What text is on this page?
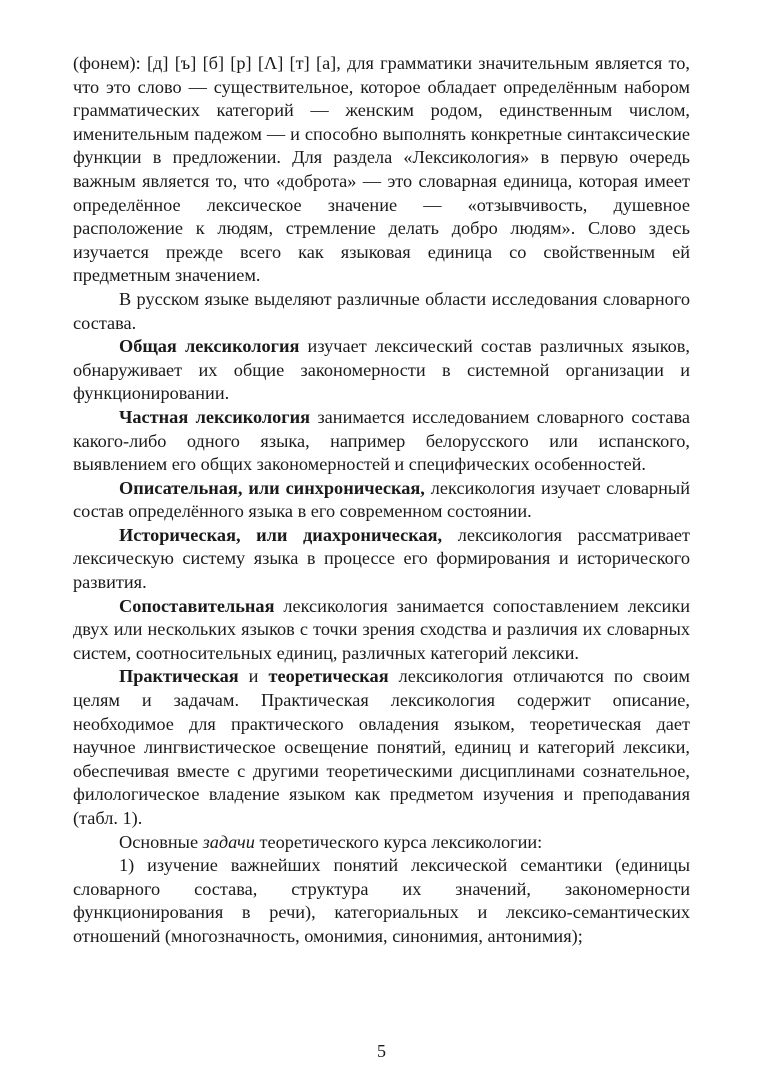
(фонем): [д] [ъ] [б] [р] [Λ] [т] [а], для грамматики значительным является то, что это слово — существительное, которое обладает определённым набором грамматических категорий — женским родом, единственным числом, именительным падежом — и способно выполнять конкретные синтаксические функции в предложении. Для раздела «Лексикология» в первую очередь важным является то, что «доброта» — это словарная единица, которая имеет определённое лексическое значение — «отзывчивость, душевное расположение к людям, стремление делать добро людям». Слово здесь изучается прежде всего как языковая единица со свойственным ей предметным значением.

В русском языке выделяют различные области исследования словарного состава.

Общая лексикология изучает лексический состав различных языков, обнаруживает их общие закономерности в системной организации и функционировании.

Частная лексикология занимается исследованием словарного состава какого-либо одного языка, например белорусского или испанского, выявлением его общих закономерностей и специфических особенностей.

Описательная, или синхроническая, лексикология изучает словарный состав определённого языка в его современном состоянии.

Историческая, или диахроническая, лексикология рассматривает лексическую систему языка в процессе его формирования и исторического развития.

Сопоставительная лексикология занимается сопоставлением лексики двух или нескольких языков с точки зрения сходства и различия их словарных систем, соотносительных единиц, различных категорий лексики.

Практическая и теоретическая лексикология отличаются по своим целям и задачам. Практическая лексикология содержит описание, необходимое для практического овладения языком, теоретическая дает научное лингвистическое освещение понятий, единиц и категорий лексики, обеспечивая вместе с другими теоретическими дисциплинами сознательное, филологическое владение языком как предметом изучения и преподавания (табл. 1).

Основные задачи теоретического курса лексикологии:

1) изучение важнейших понятий лексической семантики (единицы словарного состава, структура их значений, закономерности функционирования в речи), категориальных и лексико-семантических отношений (многозначность, омонимия, синонимия, антонимия);

5
